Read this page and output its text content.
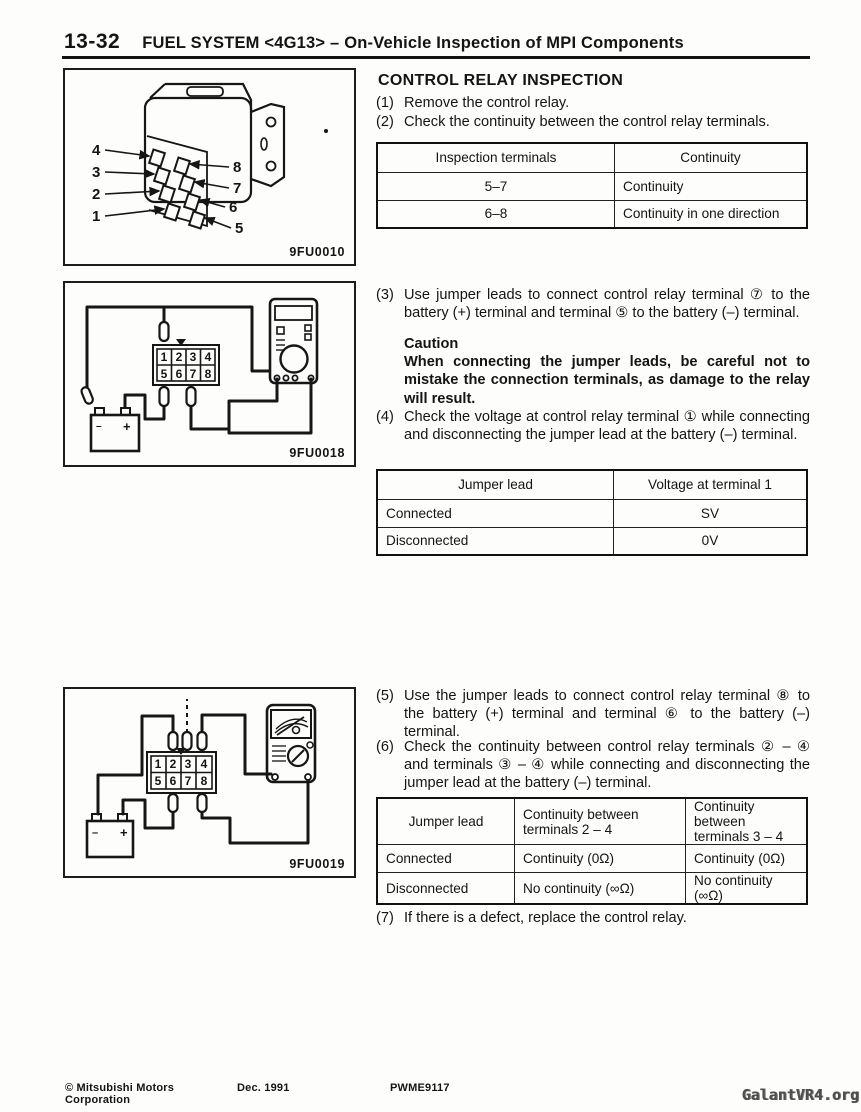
13-32 FUEL SYSTEM <4G13> – On-Vehicle Inspection of MPI Components
4
3
2
1
8
7
6
5
9FU0010
1 2 3 4
5 6 7 8
+
–
9FU0018
1 2 3 4
5 6 7 8
– +
9FU0019
CONTROL RELAY INSPECTION
(1) Remove the control relay.
(2) Check the continuity between the control relay terminals.
Inspection terminals	Continuity
5–7	Continuity
6–8	Continuity in one direction
(3) Use jumper leads to connect control relay terminal ⑦ to the battery (+) terminal and terminal ⑤ to the battery (–) terminal.
Caution
When connecting the jumper leads, be careful not to mistake the connection terminals, as damage to the relay will result.
(4) Check the voltage at control relay terminal ① while connecting and disconnecting the jumper lead at the battery (–) terminal.
Jumper lead	Voltage at terminal 1
Connected	SV
Disconnected	0V
(5) Use the jumper leads to connect control relay terminal ⑧ to the battery (+) terminal and terminal ⑥ to the battery (–) terminal.
(6) Check the continuity between control relay terminals ② – ④ and terminals ③ – ④ while connecting and disconnecting the jumper lead at the battery (–) terminal.
Jumper lead	Continuity between terminals 2 – 4	Continuity between terminals 3 – 4
Connected	Continuity (0Ω)	Continuity (0Ω)
Disconnected	No continuity (∞Ω)	No continuity (∞Ω)
(7) If there is a defect, replace the control relay.
© Mitsubishi Motors Corporation
Dec. 1991	PWME9117	GalantVR4.org
